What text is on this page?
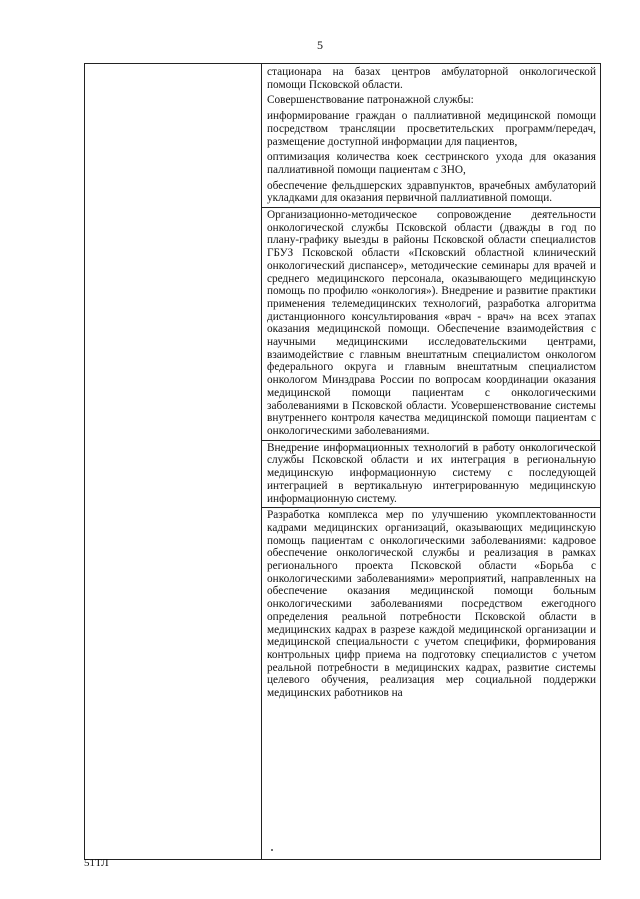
5

стационара на базах центров амбулаторной онкологической помощи Псковской области.

Совершенствование патронажной службы:

информирование граждан о паллиативной медицинской помощи посредством трансляции просветительских программ/передач, размещение доступной информации для пациентов,

оптимизация количества коек сестринского ухода для оказания паллиативной помощи пациентам с ЗНО,

обеспечение фельдшерских здравпунктов, врачебных амбулаторий укладками для оказания первичной паллиативной помощи.

Организационно-методическое сопровождение деятельности онкологической службы Псковской области (дважды в год по плану-графику выезды в районы Псковской области специалистов ГБУЗ Псковской области «Псковский областной клинический онкологический диспансер», методические семинары для врачей и среднего медицинского персонала, оказывающего медицинскую помощь по профилю «онкология»). Внедрение и развитие практики применения телемедицинских технологий, разработка алгоритма дистанционного консультирования «врач - врач» на всех этапах оказания медицинской помощи. Обеспечение взаимодействия с научными медицинскими исследовательскими центрами, взаимодействие с главным внештатным специалистом онкологом федерального округа и главным внештатным специалистом онкологом Минздрава России по вопросам координации оказания медицинской помощи пациентам с онкологическими заболеваниями в Псковской области. Усовершенствование системы внутреннего контроля качества медицинской помощи пациентам с онкологическими заболеваниями.

Внедрение информационных технологий в работу онкологической службы Псковской области и их интеграция в региональную медицинскую информационную систему с последующей интеграцией в вертикальную интегрированную медицинскую информационную систему.

Разработка комплекса мер по улучшению укомплектованности кадрами медицинских организаций, оказывающих медицинскую помощь пациентам с онкологическими заболеваниями: кадровое обеспечение онкологической службы и реализация в рамках регионального проекта Псковской области «Борьба с онкологическими заболеваниями» мероприятий, направленных на обеспечение оказания медицинской помощи больным онкологическими заболеваниями посредством ежегодного определения реальной потребности Псковской области в медицинских кадрах в разрезе каждой медицинской организации и медицинской специальности с учетом специфики, формирования контрольных цифр приема на подготовку специалистов с учетом реальной потребности в медицинских кадрах, развитие системы целевого обучения, реализация мер социальной поддержки медицинских работников на

51ТЛ
